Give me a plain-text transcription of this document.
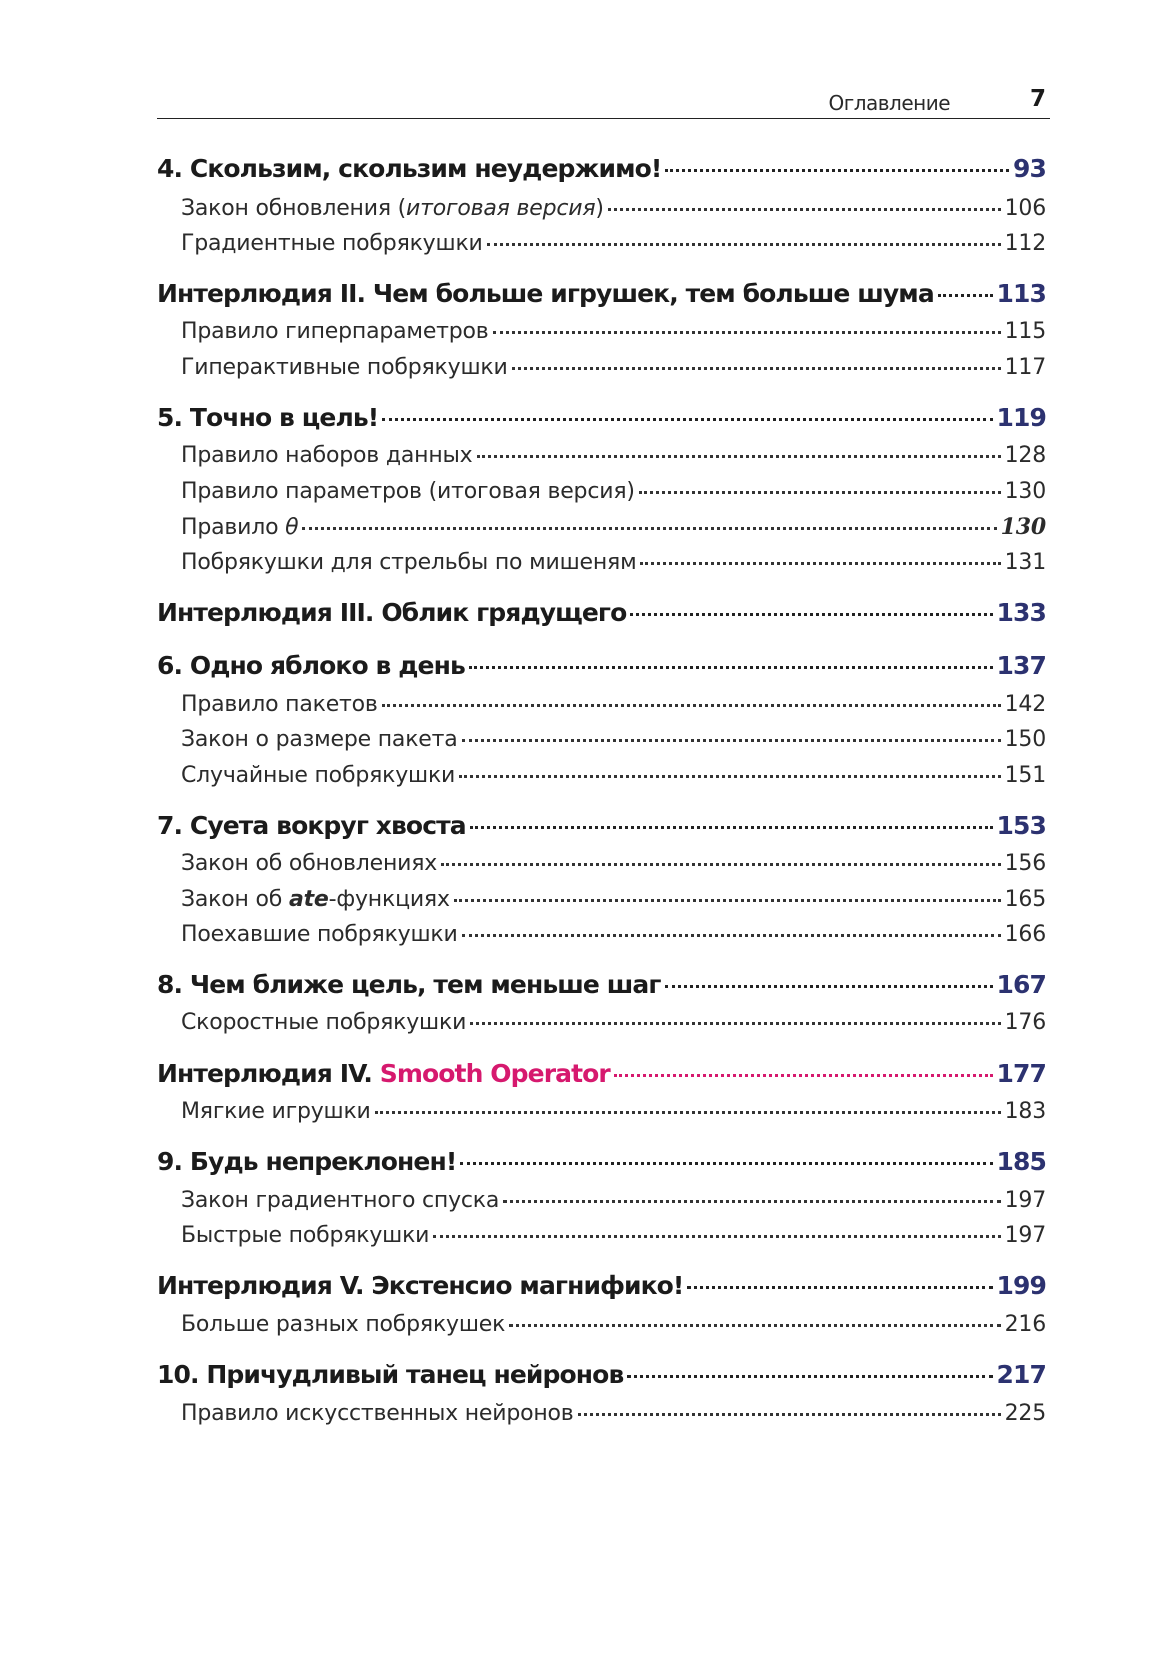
Оглавление	7
4. Скользим, скользим неудержимо!	93
Закон обновления (итоговая версия)	106
Градиентные побрякушки	112
Интерлюдия II. Чем больше игрушек, тем больше шума	113
Правило гиперпараметров	115
Гиперактивные побрякушки	117
5. Точно в цель!	119
Правило наборов данных	128
Правило параметров (итоговая версия)	130
Правило θ	130
Побрякушки для стрельбы по мишеням	131
Интерлюдия III. Облик грядущего	133
6. Одно яблоко в день	137
Правило пакетов	142
Закон о размере пакета	150
Случайные побрякушки	151
7. Суета вокруг хвоста	153
Закон об обновлениях	156
Закон об ate-функциях	165
Поехавшие побрякушки	166
8. Чем ближе цель, тем меньше шаг	167
Скоростные побрякушки	176
Интерлюдия IV. Smooth Operator	177
Мягкие игрушки	183
9. Будь непреклонен!	185
Закон градиентного спуска	197
Быстрые побрякушки	197
Интерлюдия V. Экстенсио магнифико!	199
Больше разных побрякушек	216
10. Причудливый танец нейронов	217
Правило искусственных нейронов	225
